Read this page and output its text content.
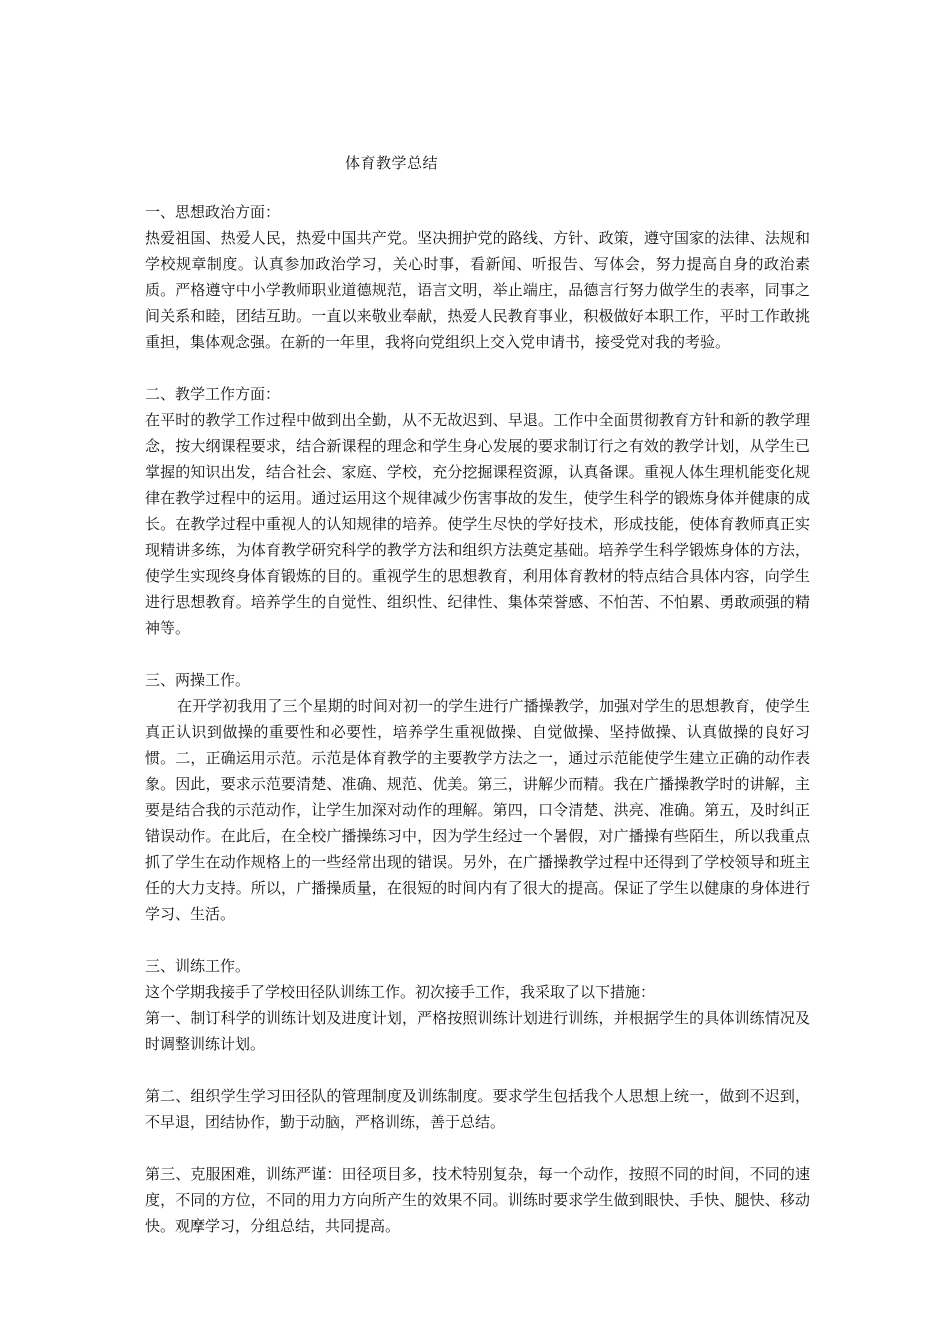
体育教学总结

一、思想政治方面：

热爱祖国、热爱人民，热爱中国共产党。坚决拥护党的路线、方针、政策，遵守国家的法律、法规和学校规章制度。认真参加政治学习，关心时事，看新闻、听报告、写体会，努力提高自身的政治素质。严格遵守中小学教师职业道德规范，语言文明，举止端庄，品德言行努力做学生的表率，同事之间关系和睦，团结互助。一直以来敬业奉献，热爱人民教育事业，积极做好本职工作，平时工作敢挑重担，集体观念强。在新的一年里，我将向党组织上交入党申请书，接受党对我的考验。

二、教学工作方面：

在平时的教学工作过程中做到出全勤，从不无故迟到、早退。工作中全面贯彻教育方针和新的教学理念，按大纲课程要求，结合新课程的理念和学生身心发展的要求制订行之有效的教学计划，从学生已掌握的知识出发，结合社会、家庭、学校，充分挖掘课程资源，认真备课。重视人体生理机能变化规律在教学过程中的运用。通过运用这个规律减少伤害事故的发生，使学生科学的锻炼身体并健康的成长。在教学过程中重视人的认知规律的培养。使学生尽快的学好技术，形成技能，使体育教师真正实现精讲多练，为体育教学研究科学的教学方法和组织方法奠定基础。培养学生科学锻炼身体的方法，使学生实现终身体育锻炼的目的。重视学生的思想教育，利用体育教材的特点结合具体内容，向学生进行思想教育。培养学生的自觉性、组织性、纪律性、集体荣誉感、不怕苦、不怕累、勇敢顽强的精神等。

三、两操工作。

在开学初我用了三个星期的时间对初一的学生进行广播操教学，加强对学生的思想教育，使学生真正认识到做操的重要性和必要性，培养学生重视做操、自觉做操、坚持做操、认真做操的良好习惯。二，正确运用示范。示范是体育教学的主要教学方法之一，通过示范能使学生建立正确的动作表象。因此，要求示范要清楚、准确、规范、优美。第三，讲解少而精。我在广播操教学时的讲解，主要是结合我的示范动作，让学生加深对动作的理解。第四，口令清楚、洪亮、准确。第五，及时纠正错误动作。在此后，在全校广播操练习中，因为学生经过一个暑假，对广播操有些陌生，所以我重点抓了学生在动作规格上的一些经常出现的错误。另外，在广播操教学过程中还得到了学校领导和班主任的大力支持。所以，广播操质量，在很短的时间内有了很大的提高。保证了学生以健康的身体进行学习、生活。

三、训练工作。

这个学期我接手了学校田径队训练工作。初次接手工作，我采取了以下措施：

第一、制订科学的训练计划及进度计划，严格按照训练计划进行训练，并根据学生的具体训练情况及时调整训练计划。

第二、组织学生学习田径队的管理制度及训练制度。要求学生包括我个人思想上统一，做到不迟到，不早退，团结协作，勤于动脑，严格训练，善于总结。

第三、克服困难，训练严谨：田径项目多，技术特别复杂，每一个动作，按照不同的时间，不同的速度，不同的方位，不同的用力方向所产生的效果不同。训练时要求学生做到眼快、手快、腿快、移动快。观摩学习，分组总结，共同提高。
